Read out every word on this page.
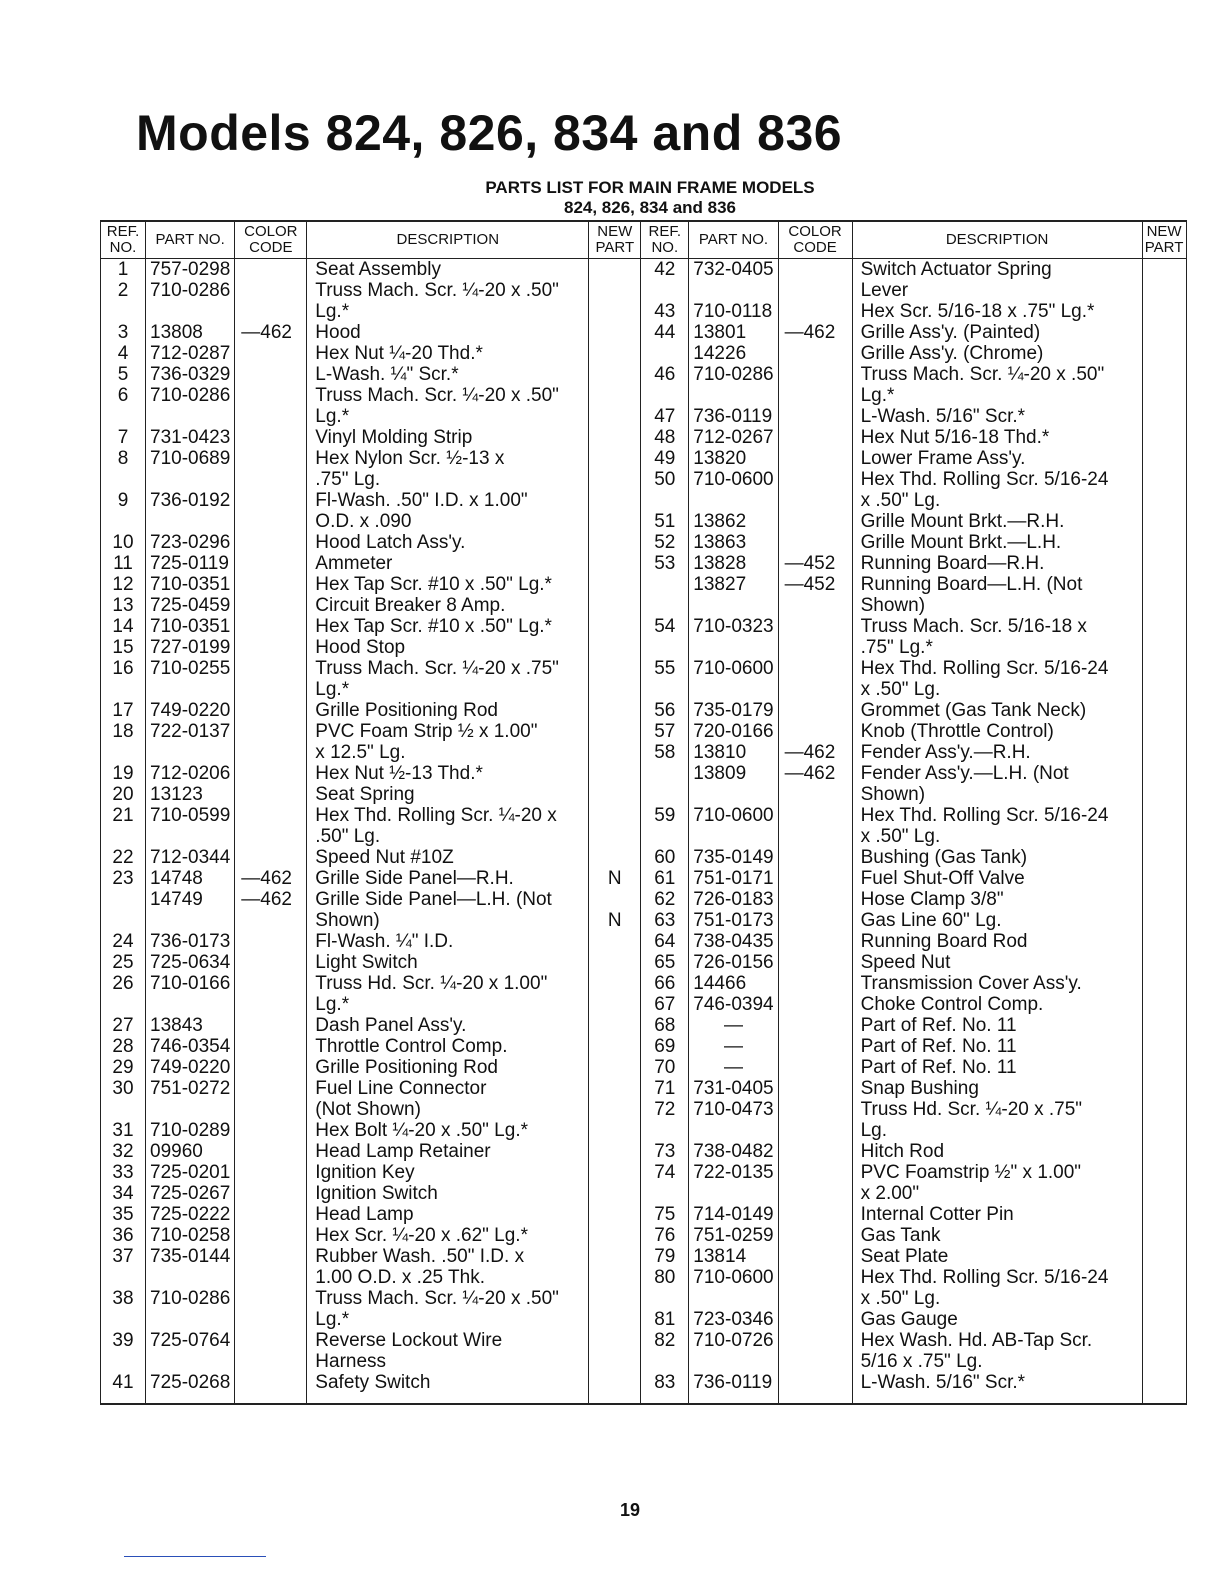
Models 824, 826, 834 and 836
PARTS LIST FOR MAIN FRAME MODELS
824, 826, 834 and 836
REF. NO.	PART NO.	COLOR CODE	DESCRIPTION	NEW PART	REF. NO.	PART NO.	COLOR CODE	DESCRIPTION	NEW PART
1	757-0298		Seat Assembly		42	732-0405		Switch Actuator Spring	
2	710-0286		Truss Mach. Scr. ¼-20 x .50"					Lever	
			Lg.*		43	710-0118		Hex Scr. 5/16-18 x .75" Lg.*	
3	13808	—462	Hood		44	13801	—462	Grille Ass'y. (Painted)	
4	712-0287		Hex Nut ¼-20 Thd.*			14226		Grille Ass'y. (Chrome)	
5	736-0329		L-Wash. ¼" Scr.*		46	710-0286		Truss Mach. Scr. ¼-20 x .50"	
6	710-0286		Truss Mach. Scr. ¼-20 x .50"					Lg.*	
			Lg.*		47	736-0119		L-Wash. 5/16" Scr.*	
7	731-0423		Vinyl Molding Strip		48	712-0267		Hex Nut 5/16-18 Thd.*	
8	710-0689		Hex Nylon Scr. ½-13 x		49	13820		Lower Frame Ass'y.	
			.75" Lg.		50	710-0600		Hex Thd. Rolling Scr. 5/16-24	
9	736-0192		Fl-Wash. .50" I.D. x 1.00"					x .50" Lg.	
			O.D. x .090		51	13862		Grille Mount Brkt.—R.H.	
10	723-0296		Hood Latch Ass'y.		52	13863		Grille Mount Brkt.—L.H.	
11	725-0119		Ammeter		53	13828	—452	Running Board—R.H.	
12	710-0351		Hex Tap Scr. #10 x .50" Lg.*			13827	—452	Running Board—L.H. (Not	
13	725-0459		Circuit Breaker 8 Amp.					Shown)	
14	710-0351		Hex Tap Scr. #10 x .50" Lg.*		54	710-0323		Truss Mach. Scr. 5/16-18 x	
15	727-0199		Hood Stop					.75" Lg.*	
16	710-0255		Truss Mach. Scr. ¼-20 x .75"		55	710-0600		Hex Thd. Rolling Scr. 5/16-24	
			Lg.*					x .50" Lg.	
17	749-0220		Grille Positioning Rod		56	735-0179		Grommet (Gas Tank Neck)	
18	722-0137		PVC Foam Strip ½ x 1.00"		57	720-0166		Knob (Throttle Control)	
			x 12.5" Lg.		58	13810	—462	Fender Ass'y.—R.H.	
19	712-0206		Hex Nut ½-13 Thd.*			13809	—462	Fender Ass'y.—L.H. (Not	
20	13123		Seat Spring					Shown)	
21	710-0599		Hex Thd. Rolling Scr. ¼-20 x		59	710-0600		Hex Thd. Rolling Scr. 5/16-24	
			.50" Lg.					x .50" Lg.	
22	712-0344		Speed Nut #10Z		60	735-0149		Bushing (Gas Tank)	
23	14748	—462	Grille Side Panel—R.H.	N	61	751-0171		Fuel Shut-Off Valve	
	14749	—462	Grille Side Panel—L.H. (Not		62	726-0183		Hose Clamp 3/8"	
			Shown)	N	63	751-0173		Gas Line 60" Lg.	
24	736-0173		Fl-Wash. ¼" I.D.		64	738-0435		Running Board Rod	
25	725-0634		Light Switch		65	726-0156		Speed Nut	
26	710-0166		Truss Hd. Scr. ¼-20 x 1.00"		66	14466		Transmission Cover Ass'y.	
			Lg.*		67	746-0394		Choke Control Comp.	
27	13843		Dash Panel Ass'y.		68	—		Part of Ref. No. 11	
28	746-0354		Throttle Control Comp.		69	—		Part of Ref. No. 11	
29	749-0220		Grille Positioning Rod		70	—		Part of Ref. No. 11	
30	751-0272		Fuel Line Connector		71	731-0405		Snap Bushing	
			(Not Shown)		72	710-0473		Truss Hd. Scr. ¼-20 x .75"	
31	710-0289		Hex Bolt ¼-20 x .50" Lg.*					Lg.	
32	09960		Head Lamp Retainer		73	738-0482		Hitch Rod	
33	725-0201		Ignition Key		74	722-0135		PVC Foamstrip ½" x 1.00"	
34	725-0267		Ignition Switch					x 2.00"	
35	725-0222		Head Lamp		75	714-0149		Internal Cotter Pin	
36	710-0258		Hex Scr. ¼-20 x .62" Lg.*		76	751-0259		Gas Tank	
37	735-0144		Rubber Wash. .50" I.D. x		79	13814		Seat Plate	
			1.00 O.D. x .25 Thk.		80	710-0600		Hex Thd. Rolling Scr. 5/16-24	
38	710-0286		Truss Mach. Scr. ¼-20 x .50"					x .50" Lg.	
			Lg.*		81	723-0346		Gas Gauge	
39	725-0764		Reverse Lockout Wire		82	710-0726		Hex Wash. Hd. AB-Tap Scr.	
			Harness					5/16 x .75" Lg.	
41	725-0268		Safety Switch		83	736-0119		L-Wash. 5/16" Scr.*	
19
